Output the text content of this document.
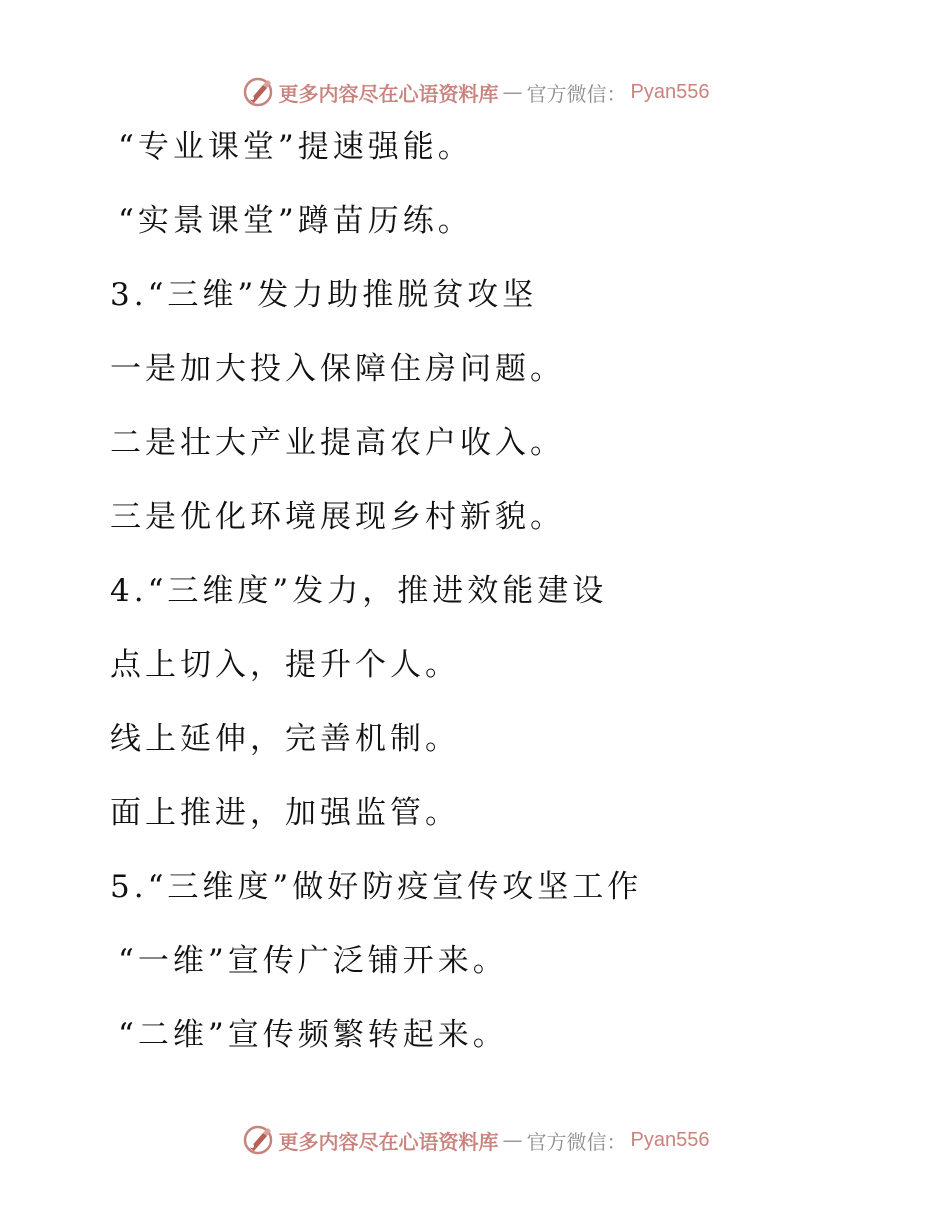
更多内容尽在心语资料库 — 官方微信： Pyan556
“专业课堂”提速强能。
“实景课堂”蹲苗历练。
3.“三维”发力助推脱贫攻坚
一是加大投入保障住房问题。
二是壮大产业提高农户收入。
三是优化环境展现乡村新貌。
4.“三维度”发力，推进效能建设
点上切入，提升个人。
线上延伸，完善机制。
面上推进，加强监管。
5.“三维度”做好防疫宣传攻坚工作
“一维”宣传广泛铺开来。
“二维”宣传频繁转起来。
更多内容尽在心语资料库 — 官方微信： Pyan556
